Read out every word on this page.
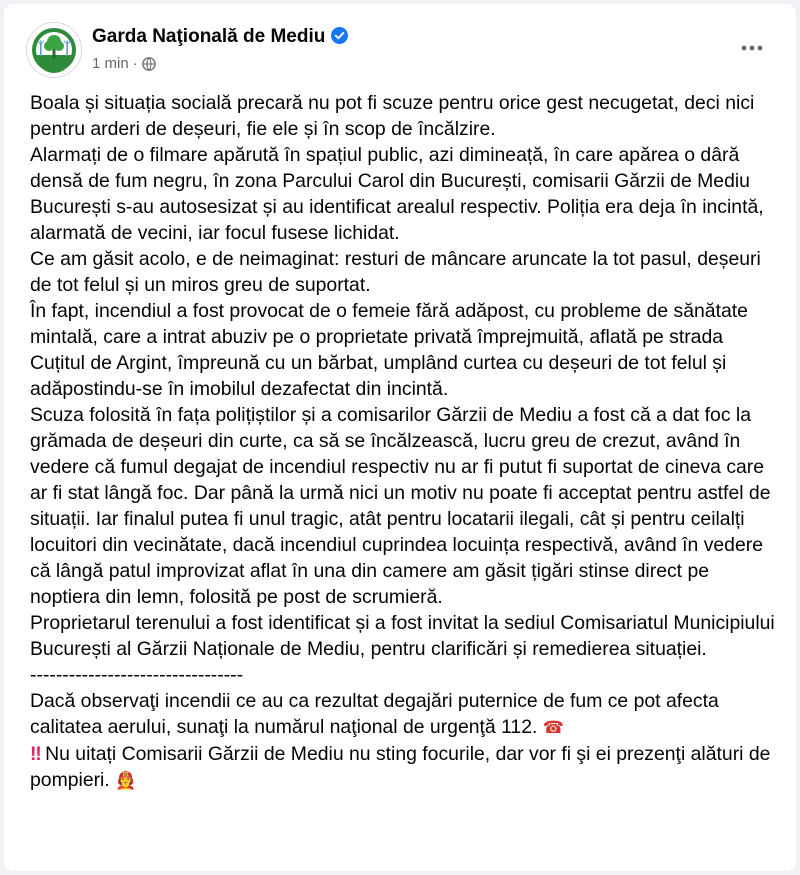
Garda Naţională de Mediu
1 min ·

Boala și situația socială precară nu pot fi scuze pentru orice gest necugetat, deci nici pentru arderi de deșeuri, fie ele și în scop de încălzire.

Alarmați de o filmare apărută în spațiul public, azi dimineață, în care apărea o dâră densă de fum negru, în zona Parcului Carol din București, comisarii Gărzii de Mediu București s-au autosesizat și au identificat arealul respectiv. Poliția era deja în incintă, alarmată de vecini, iar focul fusese lichidat.

Ce am găsit acolo, e de neimaginat: resturi de mâncare aruncate la tot pasul, deșeuri de tot felul și un miros greu de suportat.

În fapt, incendiul a fost provocat de o femeie fără adăpost, cu probleme de sănătate mintală, care a intrat abuziv pe o proprietate privată împrejmuită, aflată pe strada Cuțitul de Argint, împreună cu un bărbat, umplând curtea cu deșeuri de tot felul și adăpostindu-se în imobilul dezafectat din incintă.

Scuza folosită în fața polițiștilor și a comisarilor Gărzii de Mediu a fost că a dat foc la grămada de deșeuri din curte, ca să se încălzească, lucru greu de crezut, având în vedere că fumul degajat de incendiul respectiv nu ar fi putut fi suportat de cineva care ar fi stat lângă foc. Dar până la urmă nici un motiv nu poate fi acceptat pentru astfel de situații. Iar finalul putea fi unul tragic, atât pentru locatarii ilegali, cât și pentru ceilalți locuitori din vecinătate, dacă incendiul cuprindea locuința respectivă, având în vedere că lângă patul improvizat aflat în una din camere am găsit țigări stinse direct pe noptiera din lemn, folosită pe post de scrumieră.

Proprietarul terenului a fost identificat și a fost invitat la sediul Comisariatul Municipiului București al Gărzii Naționale de Mediu, pentru clarificări și remedierea situației.

---------------------------------

Dacă observaţi incendii ce au ca rezultat degajări puternice de fum ce pot afecta calitatea aerului, sunaţi la numărul naţional de urgenţă 112. ☎

‼ Nu uitați Comisarii Gărzii de Mediu nu sting focurile, dar vor fi şi ei prezenţi alături de pompieri. 🧑‍🚒
